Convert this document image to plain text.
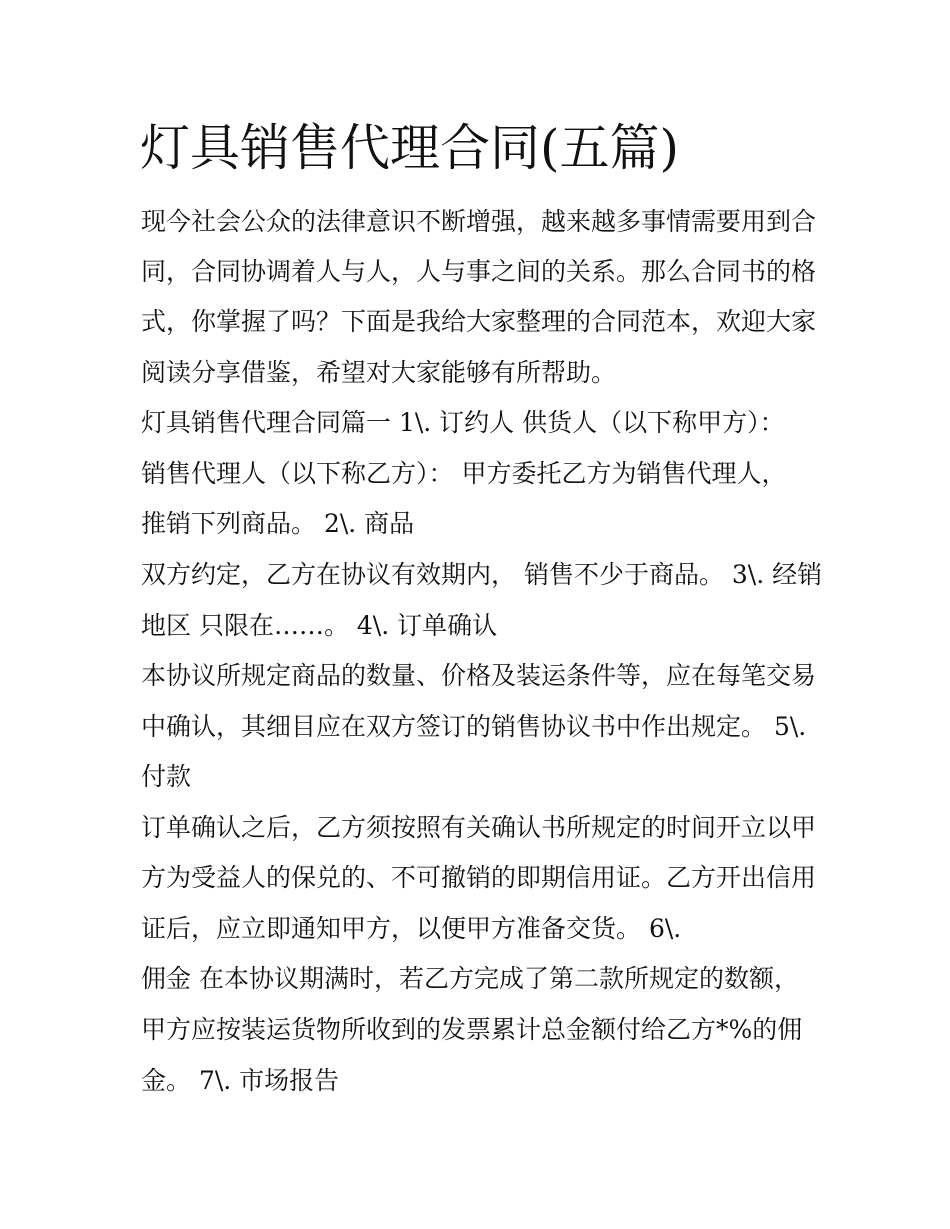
灯具销售代理合同(五篇)

现今社会公众的法律意识不断增强，越来越多事情需要用到合

同，合同协调着人与人，人与事之间的关系。那么合同书的格

式，你掌握了吗？下面是我给大家整理的合同范本，欢迎大家

阅读分享借鉴，希望对大家能够有所帮助。

灯具销售代理合同篇一 1\. 订约人 供货人（以下称甲方）：

销售代理人（以下称乙方）： 甲方委托乙方为销售代理人，

推销下列商品。 2\. 商品

双方约定，乙方在协议有效期内， 销售不少于商品。 3\. 经销

地区 只限在……。 4\. 订单确认

本协议所规定商品的数量、价格及装运条件等，应在每笔交易

中确认，其细目应在双方签订的销售协议书中作出规定。 5\.

付款

订单确认之后，乙方须按照有关确认书所规定的时间开立以甲

方为受益人的保兑的、不可撤销的即期信用证。乙方开出信用

证后，应立即通知甲方，以便甲方准备交货。 6\.

佣金 在本协议期满时，若乙方完成了第二款所规定的数额，

甲方应按装运货物所收到的发票累计总金额付给乙方*%的佣

金。 7\. 市场报告
